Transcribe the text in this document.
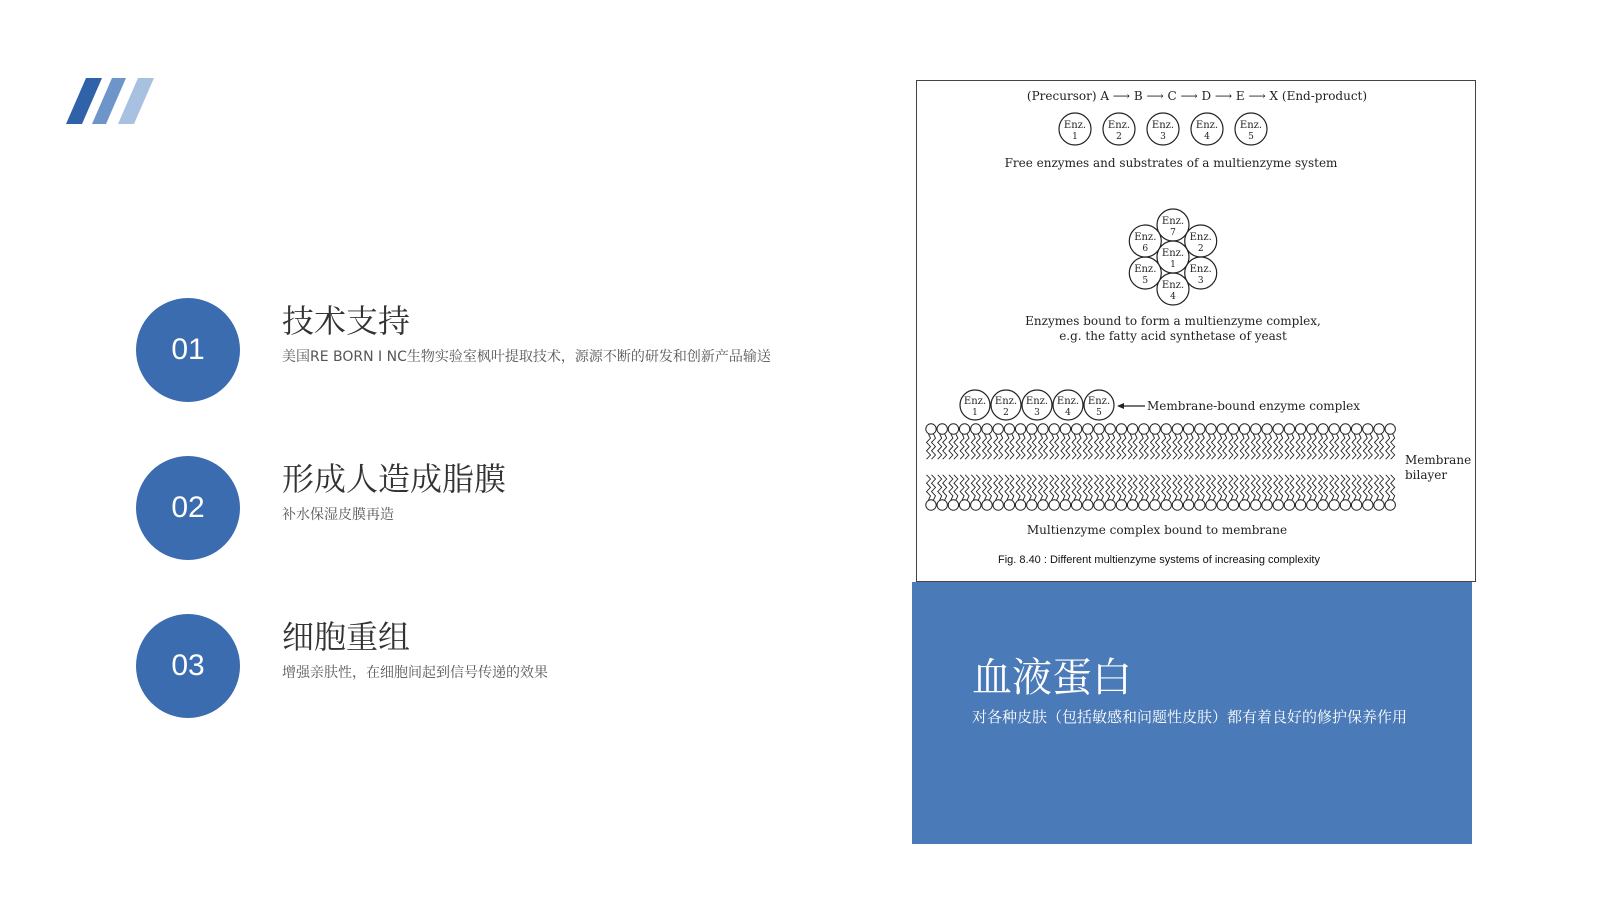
01
技术支持
美国RE BORN I NC生物实验室枫叶提取技术，源源不断的研发和创新产品输送
02
形成人造成脂膜
补水保湿皮膜再造
03
细胞重组
增强亲肤性，在细胞间起到信号传递的效果
(Precursor) A ⟶ B ⟶ C ⟶ D ⟶ E ⟶ X (End-product)
Enz.
1
Enz.
2
Enz.
3
Enz.
4
Enz.
5
Free enzymes and substrates of a multienzyme system
Enz.
7 Enz.
2
Enz.
3
Enz.
4
Enz.
5
Enz.
6 Enz.
1
Enzymes bound to form a multienzyme complex,
e.g. the fatty acid synthetase of yeast
Enz.
1
Enz.
2
Enz.
3
Enz.
4
Enz.
5	Membrane-bound enzyme complex
Membrane
bilayer
Multienzyme complex bound to membrane
Fig. 8.40 : Different multienzyme systems of increasing complexity
血液蛋白
对各种皮肤（包括敏感和问题性皮肤）都有着良好的修护保养作用
